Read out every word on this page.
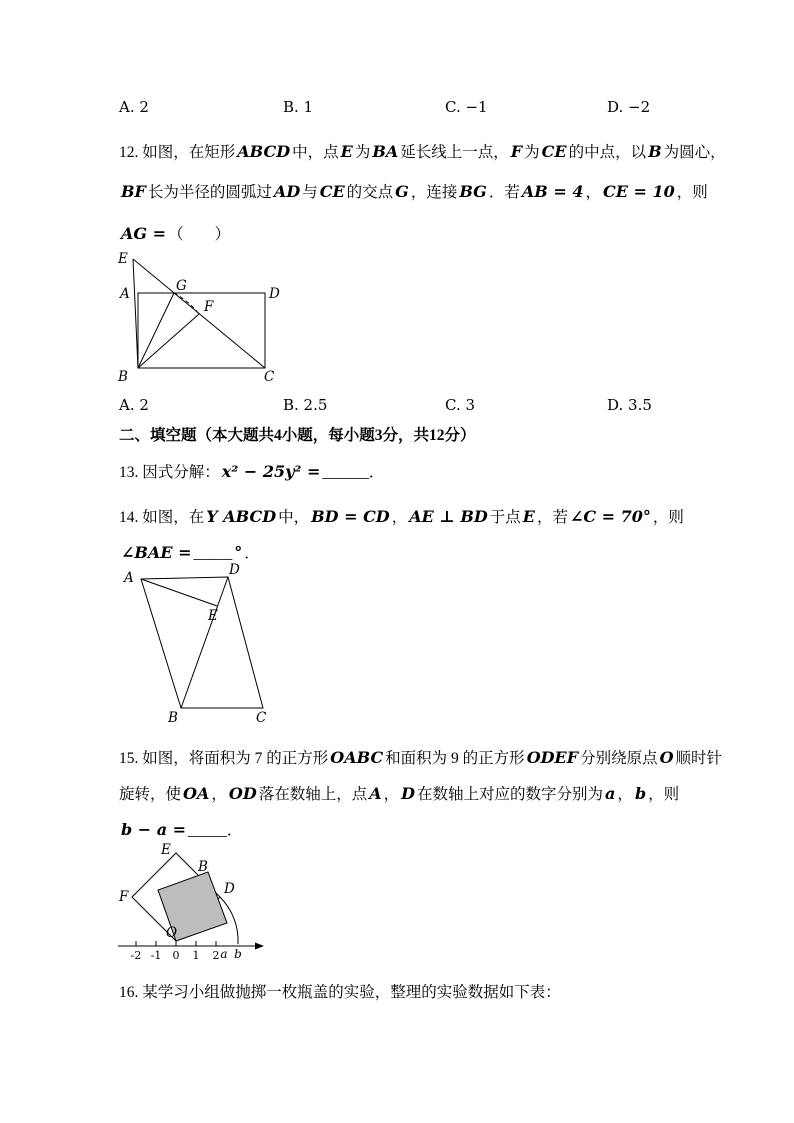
A. 2	B. 1	C. −1	D. −2
12. 如图，在矩形 ABCD 中，点 E 为 BA 延长线上一点， F 为 CE 的中点，以 B 为圆心，
BF 长为半径的圆弧过 AD 与 CE 的交点 G ，连接 BG ．若 AB = 4 ， CE = 10 ，则
AG = （　　）
E
A	G	D
F
B	C
A. 2	B. 2.5	C. 3	D. 3.5
二、填空题（本大题共4小题，每小题3分，共12分）
13. 因式分解： x² − 25y² = ______．
14. 如图，在 Y ABCD 中， BD = CD ， AE ⊥ BD 于点 E ，若 ∠C = 70° ，则
∠BAE = _____ ° ．
A	D
E
B	C
15. 如图，将面积为 7 的正方形 OABC 和面积为 9 的正方形 ODEF 分别绕原点 O 顺时针
旋转，使 OA ， OD 落在数轴上，点 A ， D 在数轴上对应的数字分别为 a ， b ，则
b − a = _____．
-2 -1 0 1 2 a b
E
B
F	D
O
16. 某学习小组做抛掷一枚瓶盖的实验，整理的实验数据如下表：
